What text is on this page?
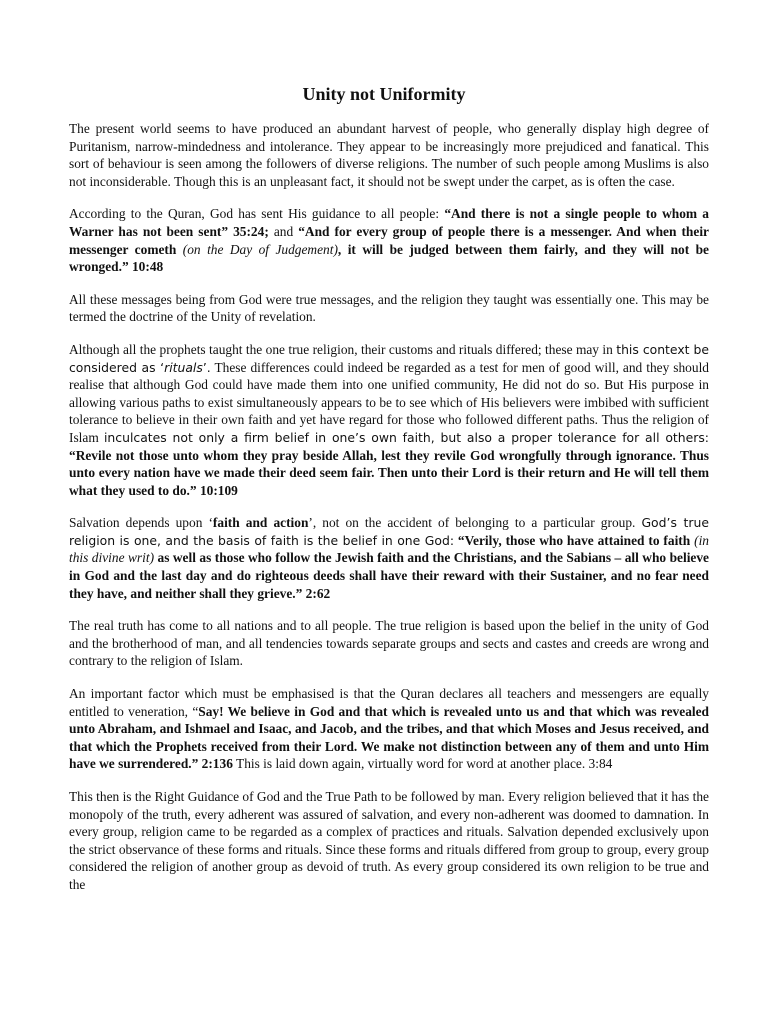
Unity not Uniformity

The present world seems to have produced an abundant harvest of people, who generally display high degree of Puritanism, narrow-mindedness and intolerance. They appear to be increasingly more prejudiced and fanatical. This sort of behaviour is seen among the followers of diverse religions. The number of such people among Muslims is also not inconsiderable. Though this is an unpleasant fact, it should not be swept under the carpet, as is often the case.

According to the Quran, God has sent His guidance to all people: “And there is not a single people to whom a Warner has not been sent” 35:24; and “And for every group of people there is a messenger. And when their messenger cometh (on the Day of Judgement), it will be judged between them fairly, and they will not be wronged.” 10:48

All these messages being from God were true messages, and the religion they taught was essentially one. This may be termed the doctrine of the Unity of revelation.

Although all the prophets taught the one true religion, their customs and rituals differed; these may in this context be considered as ‘rituals’. These differences could indeed be regarded as a test for men of good will, and they should realise that although God could have made them into one unified community, He did not do so. But His purpose in allowing various paths to exist simultaneously appears to be to see which of His believers were imbibed with sufficient tolerance to believe in their own faith and yet have regard for those who followed different paths. Thus the religion of Islam inculcates not only a firm belief in one’s own faith, but also a proper tolerance for all others: “Revile not those unto whom they pray beside Allah, lest they revile God wrongfully through ignorance. Thus unto every nation have we made their deed seem fair. Then unto their Lord is their return and He will tell them what they used to do.” 10:109

Salvation depends upon ‘faith and action’, not on the accident of belonging to a particular group. God’s true religion is one, and the basis of faith is the belief in one God: “Verily, those who have attained to faith (in this divine writ) as well as those who follow the Jewish faith and the Christians, and the Sabians – all who believe in God and the last day and do righteous deeds shall have their reward with their Sustainer, and no fear need they have, and neither shall they grieve.” 2:62

The real truth has come to all nations and to all people. The true religion is based upon the belief in the unity of God and the brotherhood of man, and all tendencies towards separate groups and sects and castes and creeds are wrong and contrary to the religion of Islam.

An important factor which must be emphasised is that the Quran declares all teachers and messengers are equally entitled to veneration, “Say! We believe in God and that which is revealed unto us and that which was revealed unto Abraham, and Ishmael and Isaac, and Jacob, and the tribes, and that which Moses and Jesus received, and that which the Prophets received from their Lord. We make not distinction between any of them and unto Him have we surrendered.” 2:136 This is laid down again, virtually word for word at another place. 3:84

This then is the Right Guidance of God and the True Path to be followed by man. Every religion believed that it has the monopoly of the truth, every adherent was assured of salvation, and every non-adherent was doomed to damnation. In every group, religion came to be regarded as a complex of practices and rituals. Salvation depended exclusively upon the strict observance of these forms and rituals. Since these forms and rituals differed from group to group, every group considered the religion of another group as devoid of truth. As every group considered its own religion to be true and the
